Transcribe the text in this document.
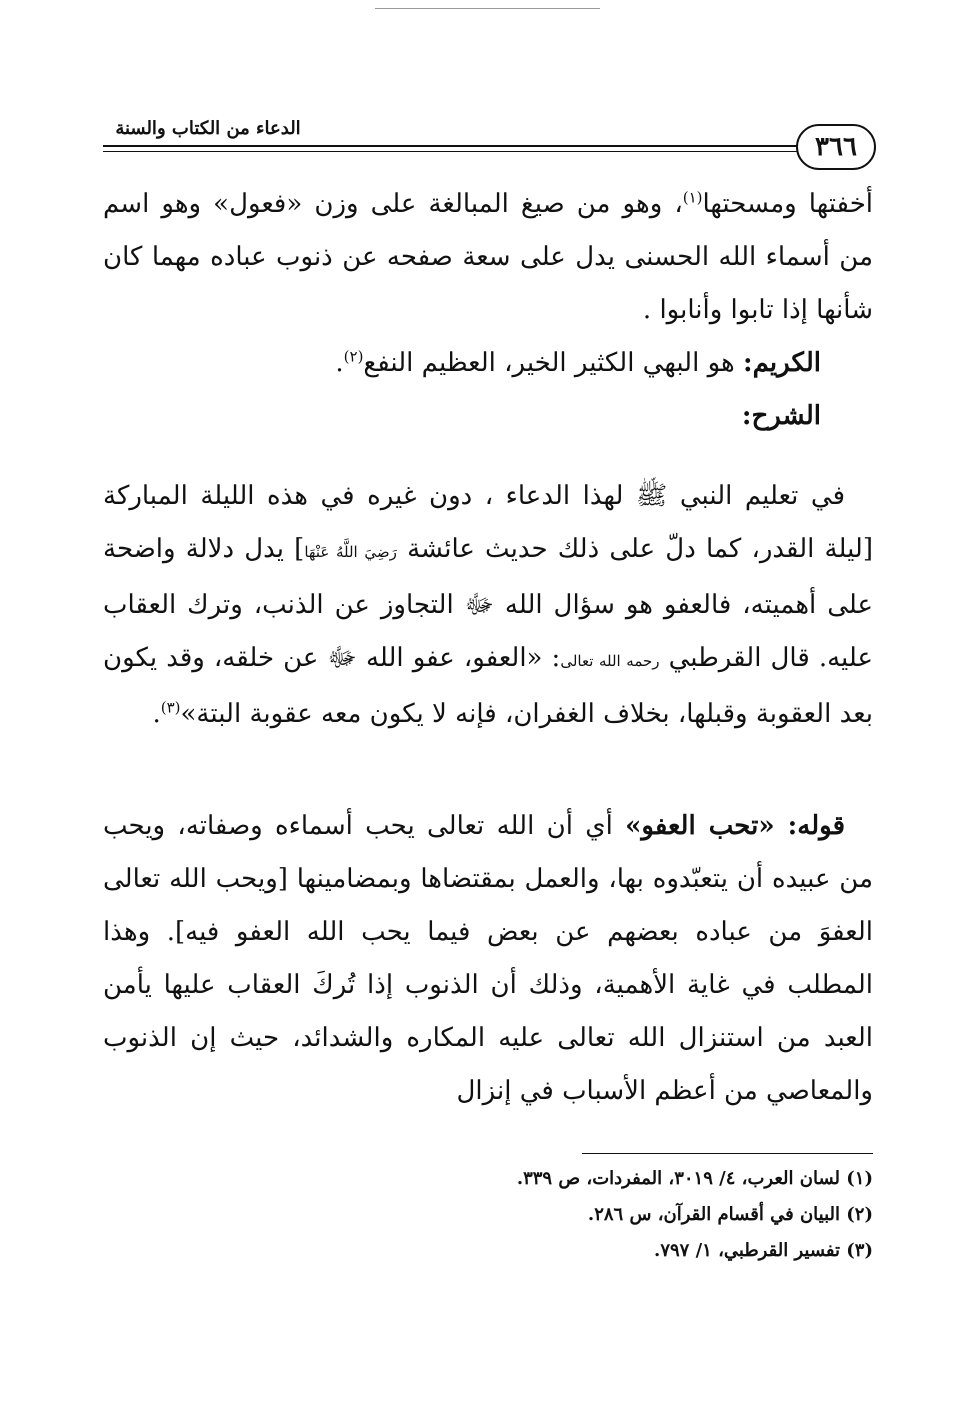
الدعاء من الكتاب والسنة
٣٦٦

أخفتها ومسحتها$^{(١)}$، وهو من صيغ المبالغة على وزن «فعول» وهو اسم من أسماء الله الحسنى يدل على سعة صفحه عن ذنوب عباده مهما كان شأنها إذا تابوا وأنابوا .

الكريم: هو البهي الكثير الخير، العظيم النفع$^{(٢)}$.

الشرح:

في تعليم النبي ﷺ لهذا الدعاء ، دون غيره في هذه الليلة المباركة [ليلة القدر، كما دلّ على ذلك حديث عائشة رَضِيَ اللَّهُ عَنْهَا] يدل دلالة واضحة على أهميته، فالعفو هو سؤال الله ﷻ التجاوز عن الذنب، وترك العقاب عليه. قال القرطبي رحمه الله تعالى: «العفو، عفو الله ﷻ عن خلقه، وقد يكون بعد العقوبة وقبلها، بخلاف الغفران، فإنه لا يكون معه عقوبة البتة»$^{(٣)}$.

قوله: «تحب العفو» أي أن الله تعالى يحب أسماءه وصفاته، ويحب من عبيده أن يتعبّدوه بها، والعمل بمقتضاها وبمضامينها [ويحب الله تعالى العفوَ من عباده بعضهم عن بعض فيما يحب الله العفو فيه]. وهذا المطلب في غاية الأهمية، وذلك أن الذنوب إذا تُركَ العقاب عليها يأمن العبد من استنزال الله تعالى عليه المكاره والشدائد، حيث إن الذنوب والمعاصي من أعظم الأسباب في إنزال

(١) لسان العرب، ٤/ ٣٠١٩، المفردات، ص ٣٣٩.
(٢) البيان في أقسام القرآن، س ٢٨٦.
(٣) تفسير القرطبي، ١/ ٧٩٧.
